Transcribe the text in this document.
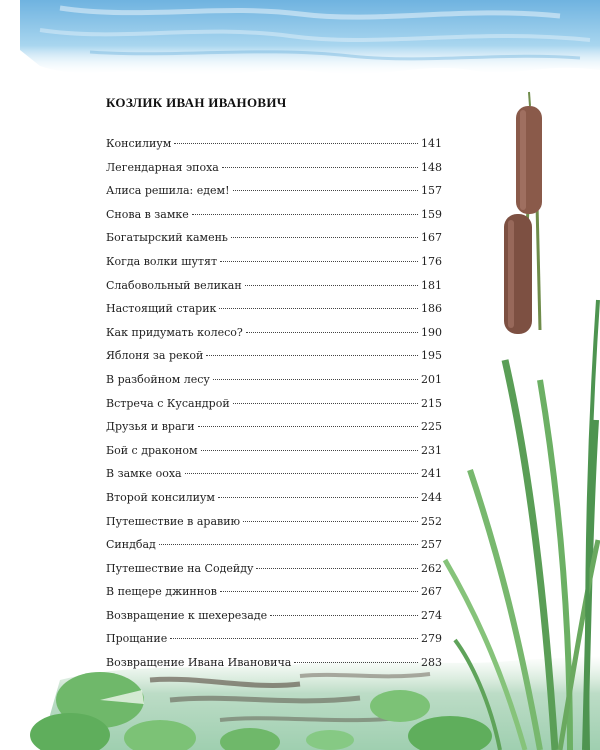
КОЗЛИК ИВАН ИВАНОВИЧ
Консилиум	141
Легендарная эпоха	148
Алиса решила: едем!	157
Снова в замке	159
Богатырский камень	167
Когда волки шутят	176
Слабовольный великан	181
Настоящий старик	186
Как придумать колесо?	190
Яблоня за рекой	195
В разбойном лесу	201
Встреча с Кусандрой	215
Друзья и враги	225
Бой с драконом	231
В замке ооха	241
Второй консилиум	244
Путешествие в аравию	252
Синдбад	257
Путешествие на Содейду	262
В пещере джиннов	267
Возвращение к шехерезаде	274
Прощание	279
Возвращение Ивана Ивановича	283
